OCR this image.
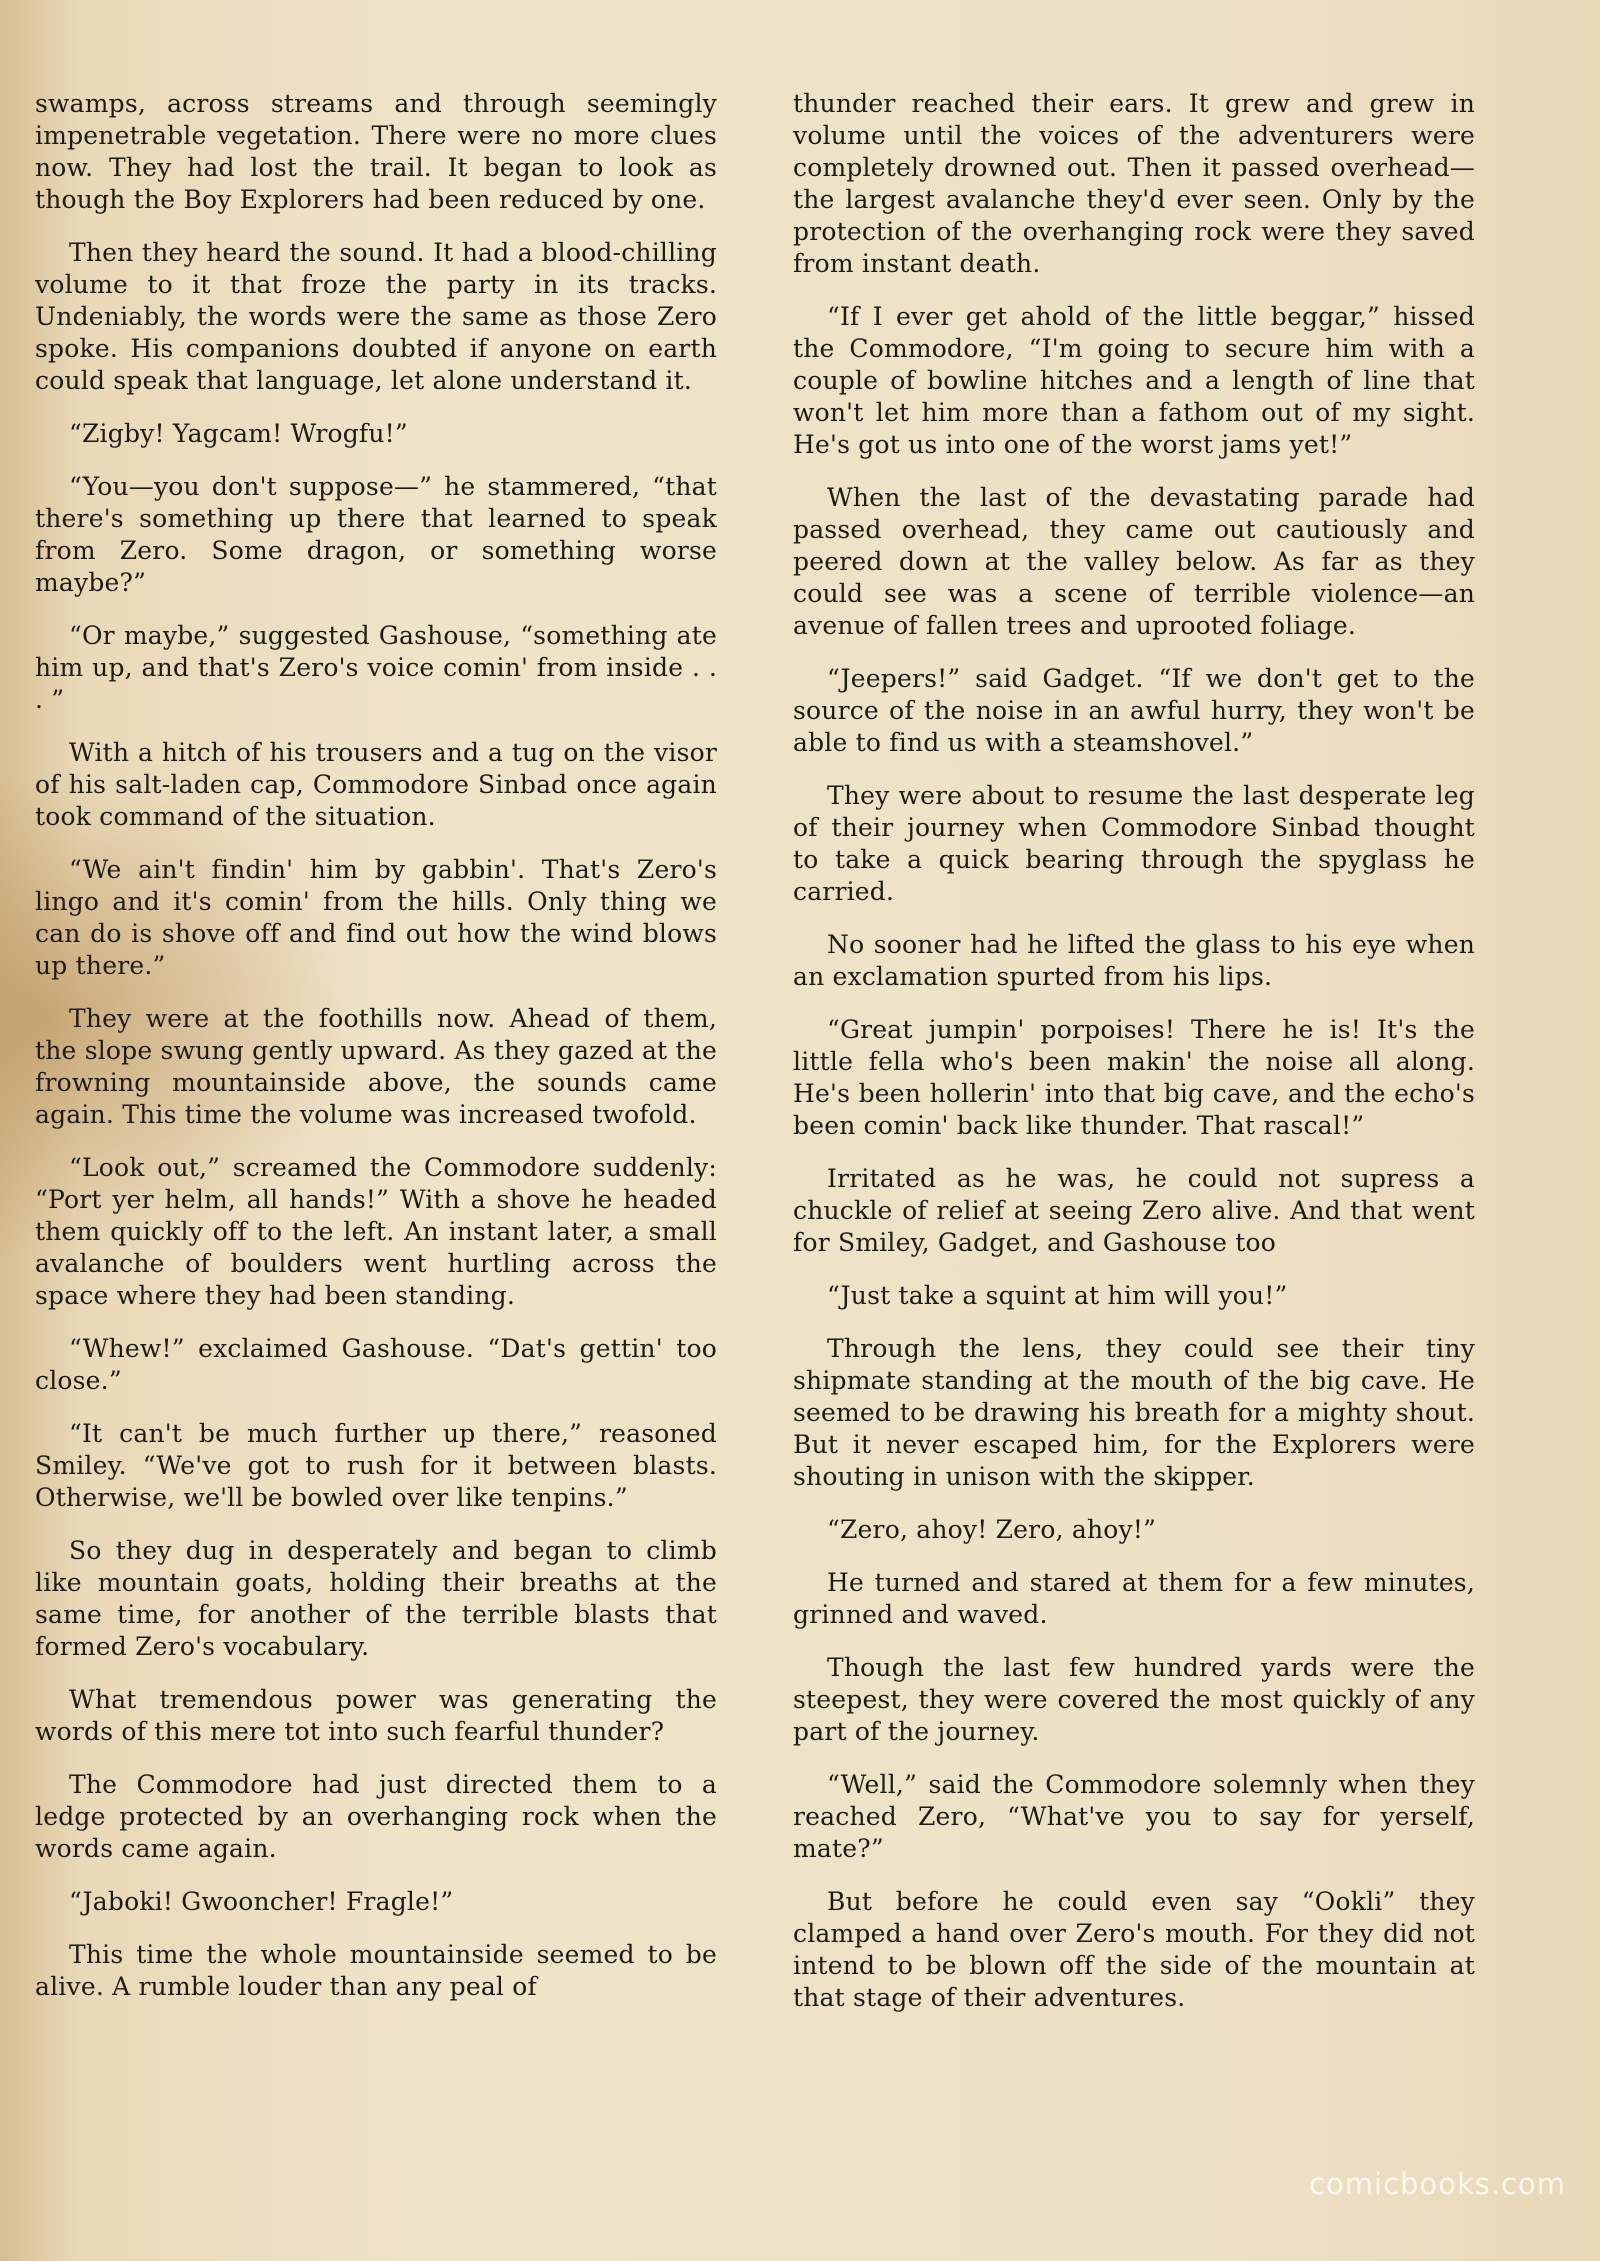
swamps, across streams and through seemingly impenetrable vegetation. There were no more clues now. They had lost the trail. It began to look as though the Boy Explorers had been reduced by one.

Then they heard the sound. It had a blood-chilling volume to it that froze the party in its tracks. Undeniably, the words were the same as those Zero spoke. His companions doubted if anyone on earth could speak that language, let alone understand it.

“Zigby! Yagcam! Wrogfu!”

“You—you don't suppose—” he stammered, “that there's something up there that learned to speak from Zero. Some dragon, or something worse maybe?”

“Or maybe,” suggested Gashouse, “something ate him up, and that's Zero's voice comin' from inside . . . ”

With a hitch of his trousers and a tug on the visor of his salt-laden cap, Commodore Sinbad once again took command of the situation.

“We ain't findin' him by gabbin'. That's Zero's lingo and it's comin' from the hills. Only thing we can do is shove off and find out how the wind blows up there.”

They were at the foothills now. Ahead of them, the slope swung gently upward. As they gazed at the frowning mountainside above, the sounds came again. This time the volume was increased twofold.

“Look out,” screamed the Commodore suddenly: “Port yer helm, all hands!” With a shove he headed them quickly off to the left. An instant later, a small avalanche of boulders went hurtling across the space where they had been standing.

“Whew!” exclaimed Gashouse. “Dat's gettin' too close.”

“It can't be much further up there,” reasoned Smiley. “We've got to rush for it between blasts. Otherwise, we'll be bowled over like tenpins.”

So they dug in desperately and began to climb like mountain goats, holding their breaths at the same time, for another of the terrible blasts that formed Zero's vocabulary.

What tremendous power was generating the words of this mere tot into such fearful thunder?

The Commodore had just directed them to a ledge protected by an overhanging rock when the words came again.

“Jaboki! Gwooncher! Fragle!”

This time the whole mountainside seemed to be alive. A rumble louder than any peal of

thunder reached their ears. It grew and grew in volume until the voices of the adventurers were completely drowned out. Then it passed overhead—the largest avalanche they'd ever seen. Only by the protection of the overhanging rock were they saved from instant death.

“If I ever get ahold of the little beggar,” hissed the Commodore, “I'm going to secure him with a couple of bowline hitches and a length of line that won't let him more than a fathom out of my sight. He's got us into one of the worst jams yet!”

When the last of the devastating parade had passed overhead, they came out cautiously and peered down at the valley below. As far as they could see was a scene of terrible violence—an avenue of fallen trees and uprooted foliage.

“Jeepers!” said Gadget. “If we don't get to the source of the noise in an awful hurry, they won't be able to find us with a steamshovel.”

They were about to resume the last desperate leg of their journey when Commodore Sinbad thought to take a quick bearing through the spyglass he carried.

No sooner had he lifted the glass to his eye when an exclamation spurted from his lips.

“Great jumpin' porpoises! There he is! It's the little fella who's been makin' the noise all along. He's been hollerin' into that big cave, and the echo's been comin' back like thunder. That rascal!”

Irritated as he was, he could not supress a chuckle of relief at seeing Zero alive. And that went for Smiley, Gadget, and Gashouse too

“Just take a squint at him will you!”

Through the lens, they could see their tiny shipmate standing at the mouth of the big cave. He seemed to be drawing his breath for a mighty shout. But it never escaped him, for the Explorers were shouting in unison with the skipper.

“Zero, ahoy! Zero, ahoy!”

He turned and stared at them for a few minutes, grinned and waved.

Though the last few hundred yards were the steepest, they were covered the most quickly of any part of the journey.

“Well,” said the Commodore solemnly when they reached Zero, “What've you to say for yerself, mate?”

But before he could even say “Ookli” they clamped a hand over Zero's mouth. For they did not intend to be blown off the side of the mountain at that stage of their adventures.

comicbooks.com
